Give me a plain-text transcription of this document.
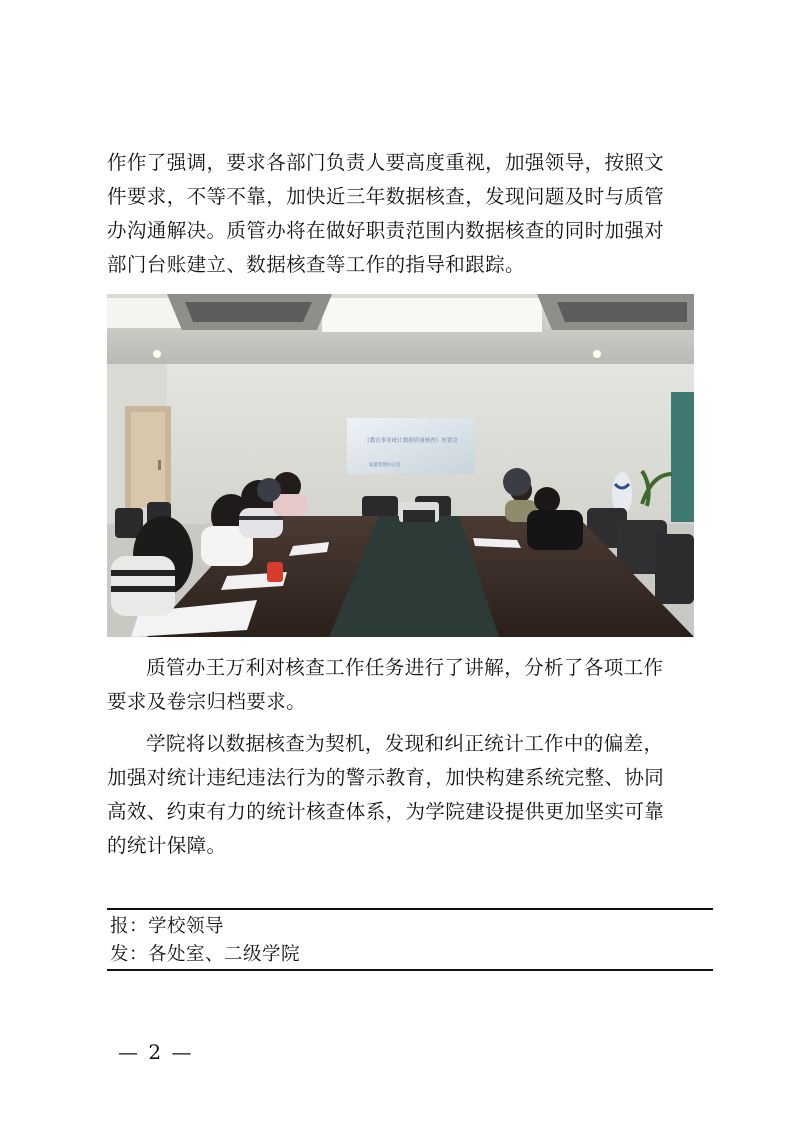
作作了强调，要求各部门负责人要高度重视，加强领导，按照文
件要求，不等不靠，加快近三年数据核查，发现问题及时与质管
办沟通解决。质管办将在做好职责范围内数据核查的同时加强对
部门台账建立、数据核查等工作的指导和跟踪。
《教育事业统计数据质量核查》布置会
质量管理办公室
质管办王万利对核查工作任务进行了讲解，分析了各项工作
要求及卷宗归档要求。
学院将以数据核查为契机，发现和纠正统计工作中的偏差，
加强对统计违纪违法行为的警示教育，加快构建系统完整、协同
高效、约束有力的统计核查体系，为学院建设提供更加坚实可靠
的统计保障。
报：学校领导
发：各处室、二级学院
— 2 —
